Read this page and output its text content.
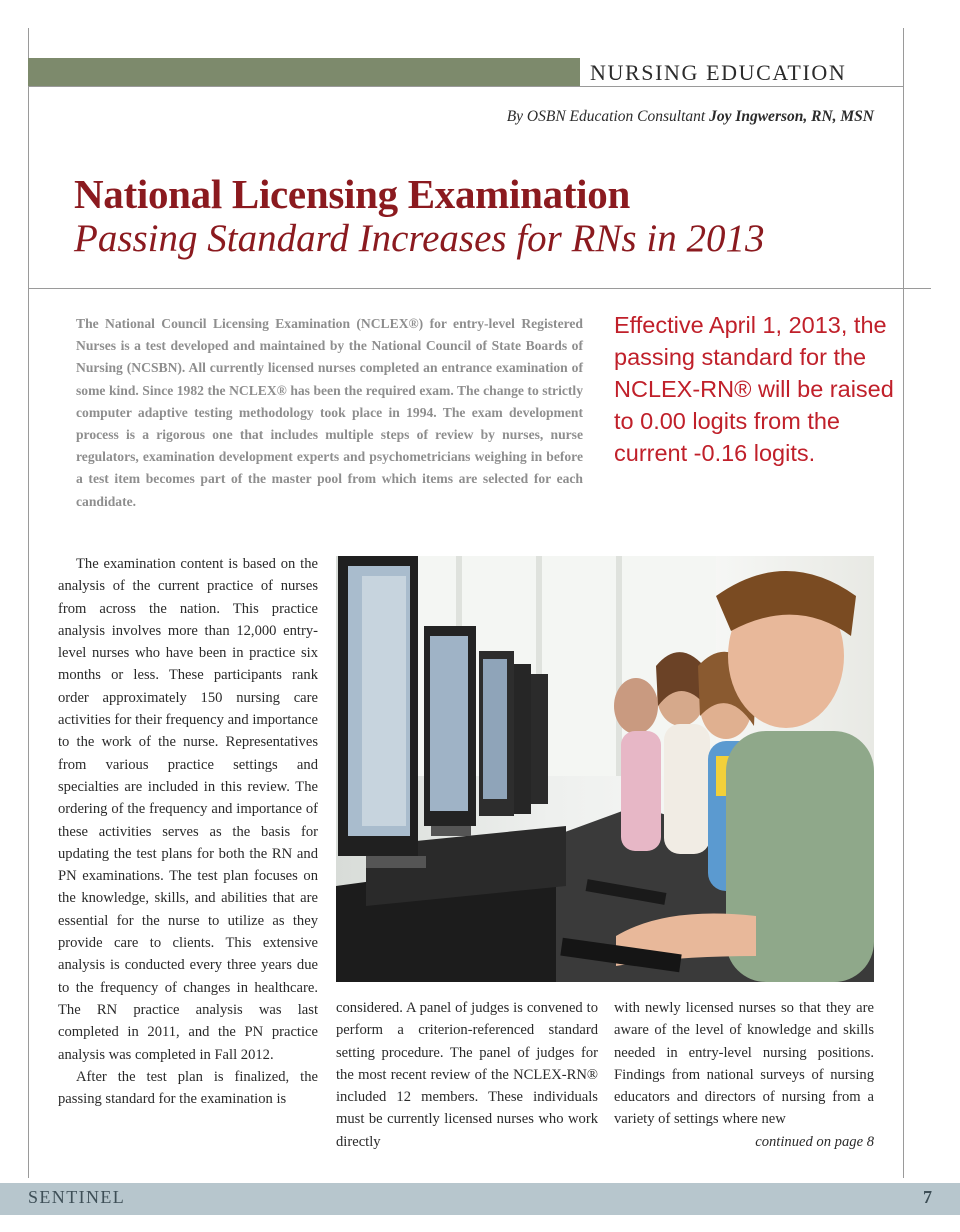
NURSING EDUCATION
By OSBN Education Consultant Joy Ingwerson, RN, MSN
National Licensing Examination
Passing Standard Increases for RNs in 2013
The National Council Licensing Examination (NCLEX®) for entry-level Registered Nurses is a test developed and maintained by the National Council of State Boards of Nursing (NCSBN). All currently licensed nurses completed an entrance examination of some kind. Since 1982 the NCLEX® has been the required exam. The change to strictly computer adaptive testing methodology took place in 1994. The exam development process is a rigorous one that includes multiple steps of review by nurses, nurse regulators, examination development experts and psychometricians weighing in before a test item becomes part of the master pool from which items are selected for each candidate.
Effective April 1, 2013, the passing standard for the NCLEX-RN® will be raised to 0.00 logits from the current -0.16 logits.

The examination content is based on the analysis of the current practice of nurses from across the nation. This practice analysis involves more than 12,000 entry-level nurses who have been in practice six months or less. These participants rank order approximately 150 nursing care activities for their frequency and importance to the work of the nurse. Representatives from various practice settings and specialties are included in this review. The ordering of the frequency and importance of these activities serves as the basis for updating the test plans for both the RN and PN examinations. The test plan focuses on the knowledge, skills, and abilities that are essential for the nurse to utilize as they provide care to clients. This extensive analysis is conducted every three years due to the frequency of changes in healthcare. The RN practice analysis was last completed in 2011, and the PN practice analysis was completed in Fall 2012.

After the test plan is finalized, the passing standard for the examination is

considered. A panel of judges is convened to perform a criterion-referenced standard setting procedure. The panel of judges for the most recent review of the NCLEX-RN® included 12 members. These individuals must be currently licensed nurses who work directly
with newly licensed nurses so that they are aware of the level of knowledge and skills needed in entry-level nursing positions. Findings from national surveys of nursing educators and directors of nursing from a variety of settings where new
continued on page 8
SENTINEL	7
